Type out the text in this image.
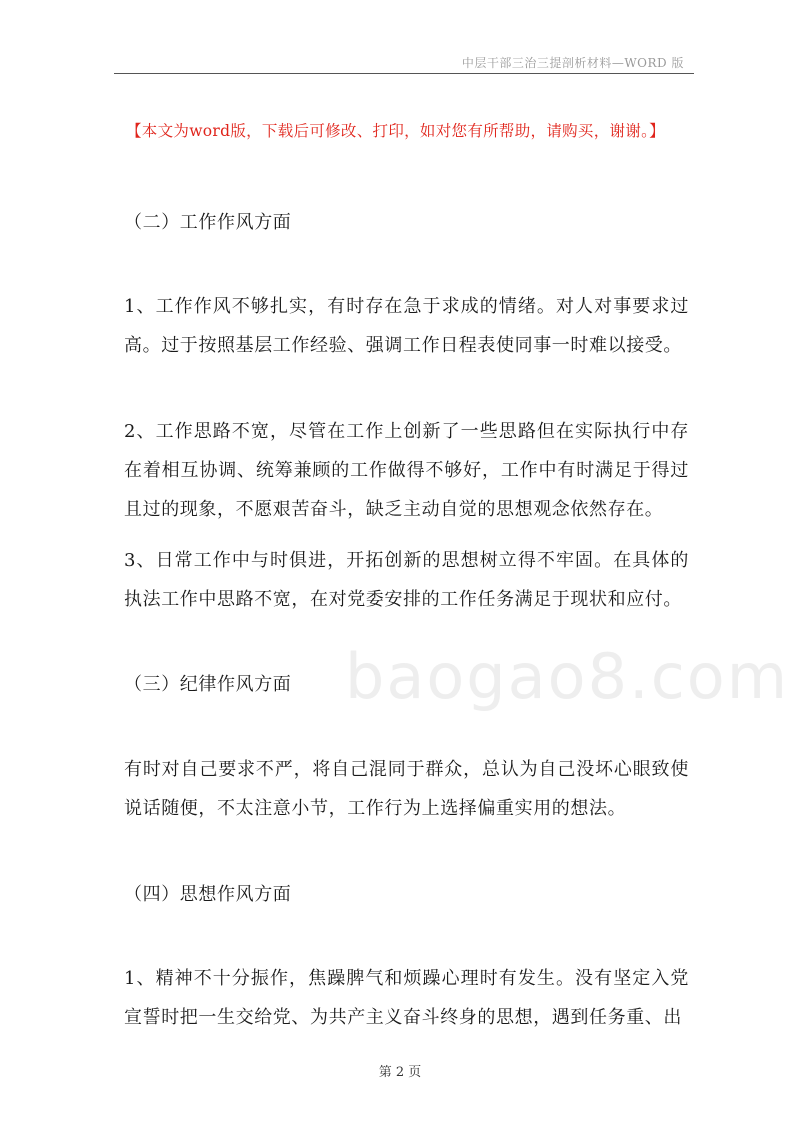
中层干部三治三提剖析材料—WORD 版
【本文为word版，下载后可修改、打印，如对您有所帮助，请购买，谢谢。】
（二）工作作风方面
1、工作作风不够扎实，有时存在急于求成的情绪。对人对事要求过高。过于按照基层工作经验、强调工作日程表使同事一时难以接受。
2、工作思路不宽，尽管在工作上创新了一些思路但在实际执行中存在着相互协调、统筹兼顾的工作做得不够好，工作中有时满足于得过且过的现象，不愿艰苦奋斗，缺乏主动自觉的思想观念依然存在。
3、日常工作中与时俱进，开拓创新的思想树立得不牢固。在具体的执法工作中思路不宽，在对党委安排的工作任务满足于现状和应付。
（三）纪律作风方面 baogao8.com
有时对自己要求不严，将自己混同于群众，总认为自己没坏心眼致使说话随便，不太注意小节，工作行为上选择偏重实用的想法。
（四）思想作风方面
1、精神不十分振作，焦躁脾气和烦躁心理时有发生。没有坚定入党宣誓时把一生交给党、为共产主义奋斗终身的思想，遇到任务重、出
第 2 页
